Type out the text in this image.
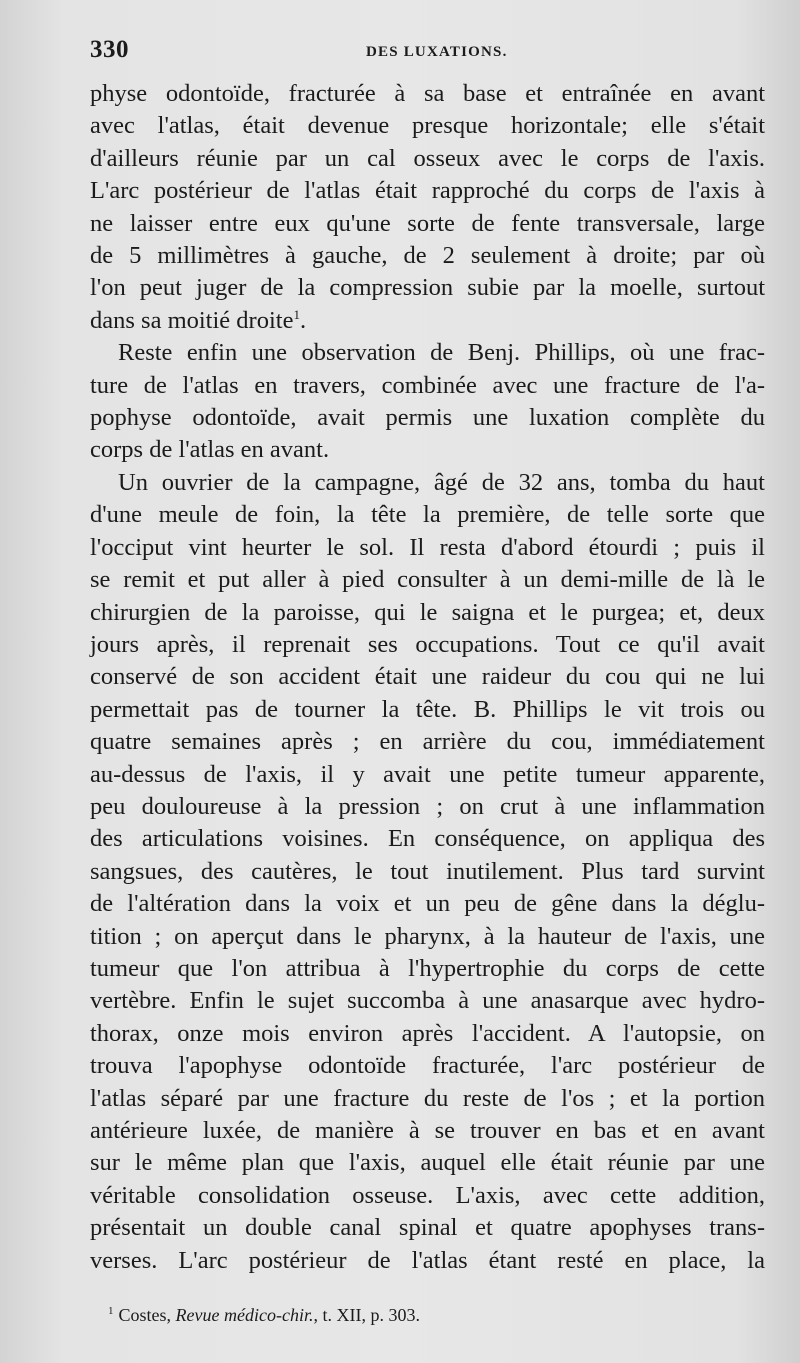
330	DES LUXATIONS.

physe odontoïde, fracturée à sa base et entraînée en avant
avec l'atlas, était devenue presque horizontale; elle s'était
d'ailleurs réunie par un cal osseux avec le corps de l'axis.
L'arc postérieur de l'atlas était rapproché du corps de l'axis à
ne laisser entre eux qu'une sorte de fente transversale, large
de 5 millimètres à gauche, de 2 seulement à droite; par où
l'on peut juger de la compression subie par la moelle, surtout
dans sa moitié droite$^1$.

Reste enfin une observation de Benj. Phillips, où une frac-
ture de l'atlas en travers, combinée avec une fracture de l'a-
pophyse odontoïde, avait permis une luxation complète du
corps de l'atlas en avant.

Un ouvrier de la campagne, âgé de 32 ans, tomba du haut
d'une meule de foin, la tête la première, de telle sorte que
l'occiput vint heurter le sol. Il resta d'abord étourdi ; puis il
se remit et put aller à pied consulter à un demi-mille de là le
chirurgien de la paroisse, qui le saigna et le purgea; et, deux
jours après, il reprenait ses occupations. Tout ce qu'il avait
conservé de son accident était une raideur du cou qui ne lui
permettait pas de tourner la tête. B. Phillips le vit trois ou
quatre semaines après ; en arrière du cou, immédiatement
au-dessus de l'axis, il y avait une petite tumeur apparente,
peu douloureuse à la pression ; on crut à une inflammation
des articulations voisines. En conséquence, on appliqua des
sangsues, des cautères, le tout inutilement. Plus tard survint
de l'altération dans la voix et un peu de gêne dans la déglu-
tition ; on aperçut dans le pharynx, à la hauteur de l'axis, une
tumeur que l'on attribua à l'hypertrophie du corps de cette
vertèbre. Enfin le sujet succomba à une anasarque avec hydro-
thorax, onze mois environ après l'accident. A l'autopsie, on
trouva l'apophyse odontoïde fracturée, l'arc postérieur de
l'atlas séparé par une fracture du reste de l'os ; et la portion
antérieure luxée, de manière à se trouver en bas et en avant
sur le même plan que l'axis, auquel elle était réunie par une
véritable consolidation osseuse. L'axis, avec cette addition,
présentait un double canal spinal et quatre apophyses trans-
verses. L'arc postérieur de l'atlas étant resté en place, la

$^1$ Costes, Revue médico-chir., t. XII, p. 303.
